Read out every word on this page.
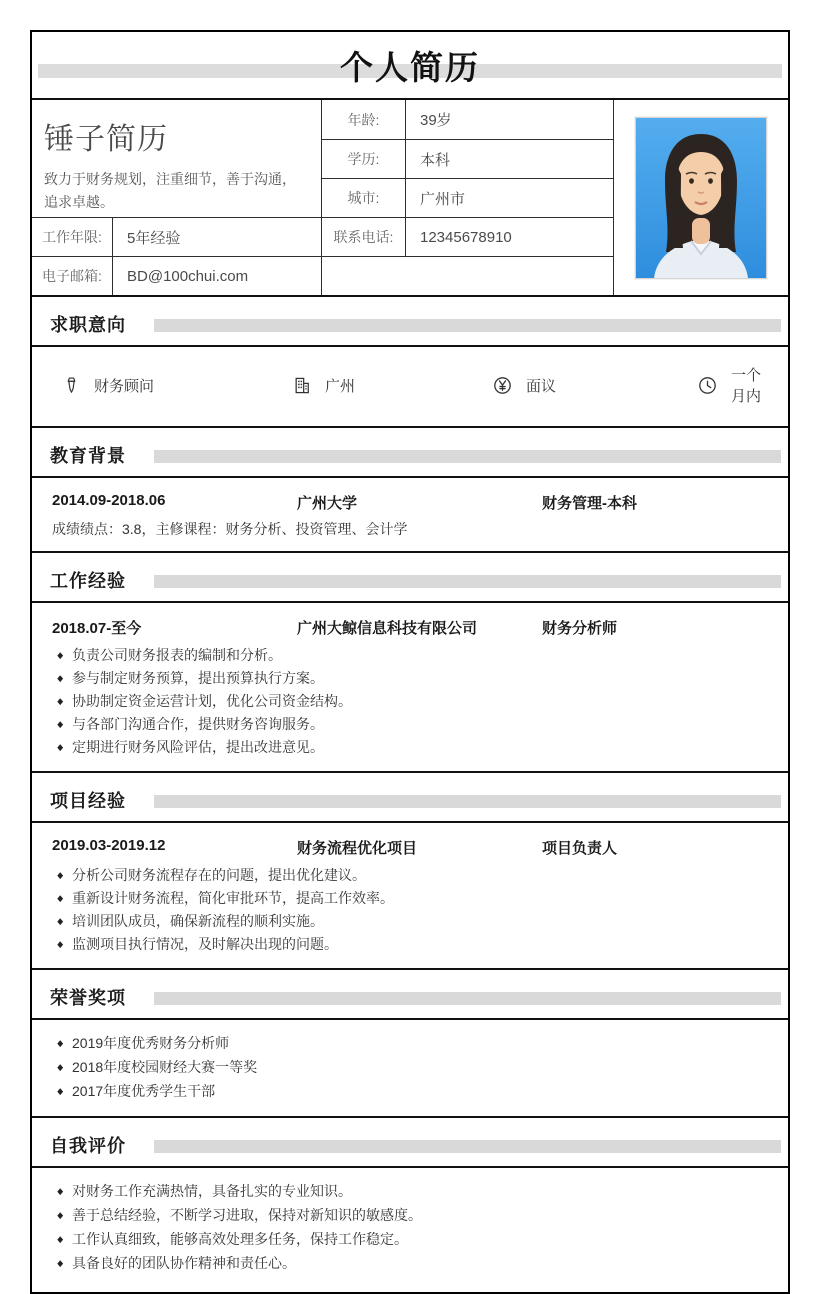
个人简历
锤子简历
致力于财务规划，注重细节，善于沟通，追求卓越。
年龄:	39岁
学历:	本科
城市:	广州市
工作年限:	5年经验	联系电话:	12345678910
电子邮箱:	BD@100chui.com
求职意向
财务顾问	广州	面议
一个月内
教育背景
2014.09-2018.06	广州大学	财务管理-本科
成绩绩点：3.8，主修课程：财务分析、投资管理、会计学
工作经验
2018.07-至今	广州大鲸信息科技有限公司	财务分析师
◆ 负责公司财务报表的编制和分析。
◆ 参与制定财务预算，提出预算执行方案。
◆ 协助制定资金运营计划，优化公司资金结构。
◆ 与各部门沟通合作，提供财务咨询服务。
◆ 定期进行财务风险评估，提出改进意见。
项目经验
2019.03-2019.12	财务流程优化项目	项目负责人
◆ 分析公司财务流程存在的问题，提出优化建议。
◆ 重新设计财务流程，简化审批环节，提高工作效率。
◆ 培训团队成员，确保新流程的顺利实施。
◆ 监测项目执行情况，及时解决出现的问题。
荣誉奖项
◆ 2019年度优秀财务分析师
◆ 2018年度校园财经大赛一等奖
◆ 2017年度优秀学生干部
自我评价
◆ 对财务工作充满热情，具备扎实的专业知识。
◆ 善于总结经验，不断学习进取，保持对新知识的敏感度。
◆ 工作认真细致，能够高效处理多任务，保持工作稳定。
◆ 具备良好的团队协作精神和责任心。
